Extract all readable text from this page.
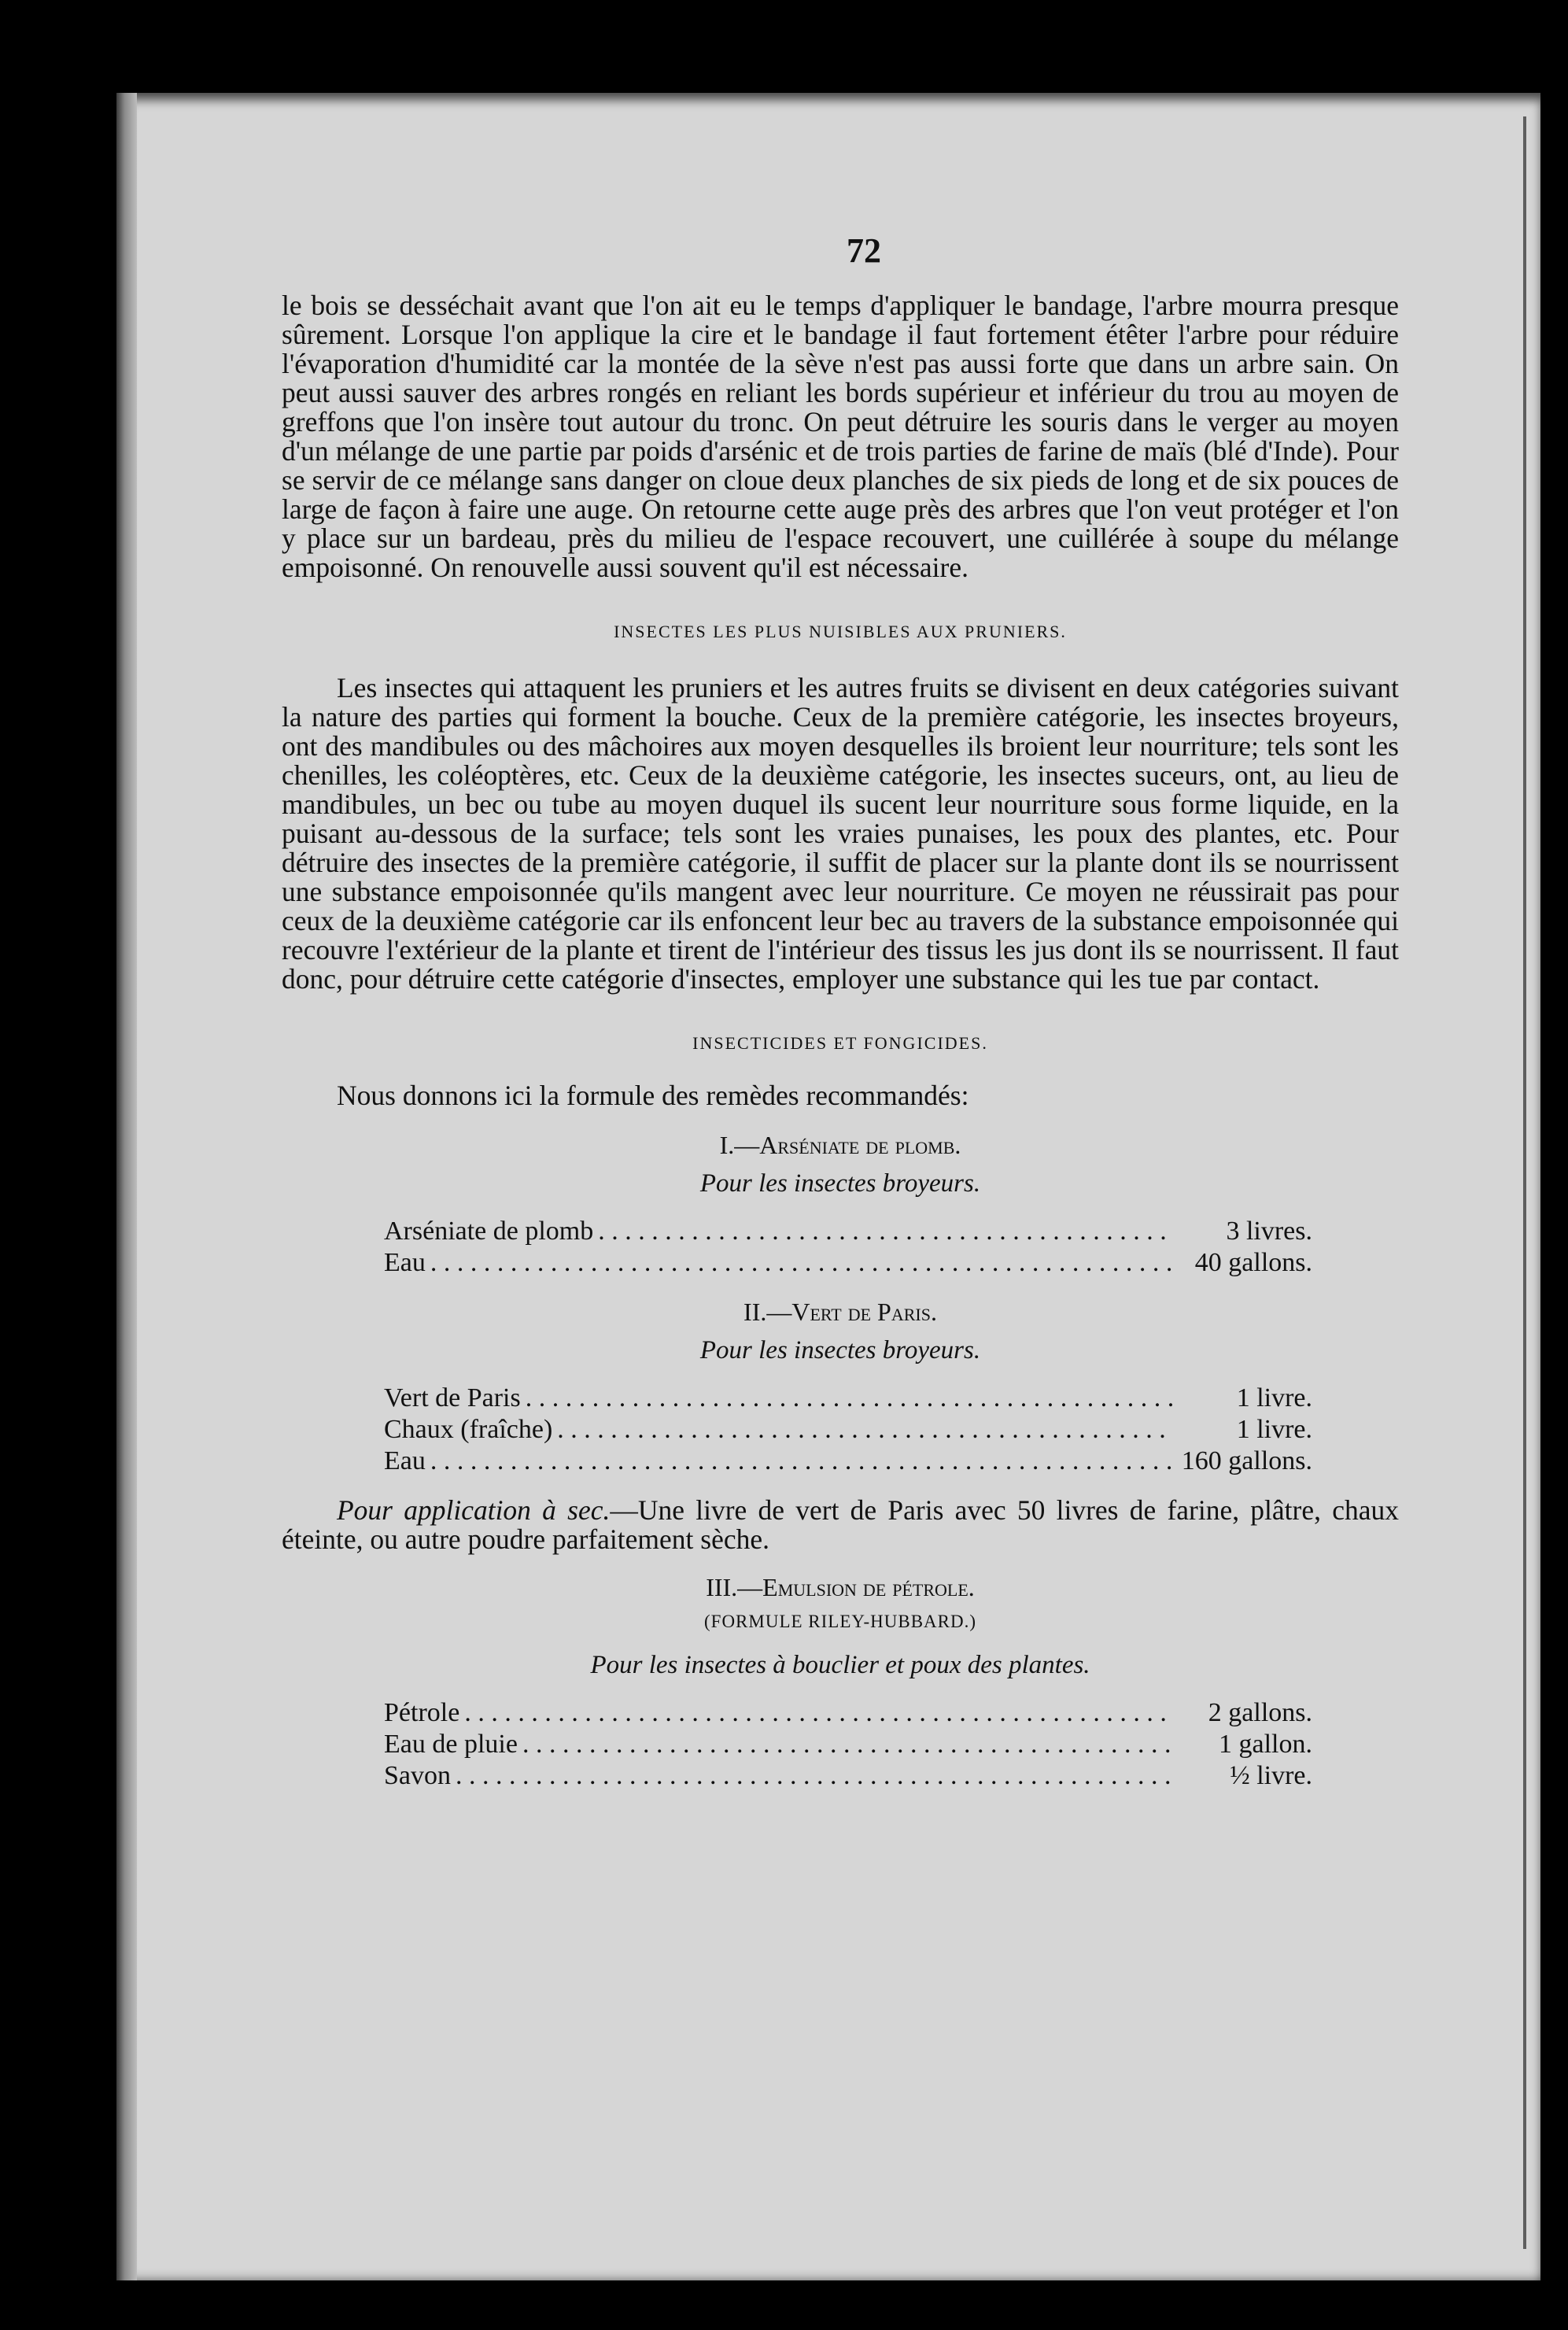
72

le bois se desséchait avant que l'on ait eu le temps d'appliquer le bandage, l'arbre mourra presque sûrement. Lorsque l'on applique la cire et le bandage il faut fortement étêter l'arbre pour réduire l'évaporation d'humidité car la montée de la sève n'est pas aussi forte que dans un arbre sain. On peut aussi sauver des arbres rongés en reliant les bords supérieur et inférieur du trou au moyen de greffons que l'on insère tout autour du tronc. On peut détruire les souris dans le verger au moyen d'un mélange de une partie par poids d'arsénic et de trois parties de farine de maïs (blé d'Inde). Pour se servir de ce mélange sans danger on cloue deux planches de six pieds de long et de six pouces de large de façon à faire une auge. On retourne cette auge près des arbres que l'on veut protéger et l'on y place sur un bardeau, près du milieu de l'espace recouvert, une cuillérée à soupe du mélange empoisonné. On renouvelle aussi souvent qu'il est nécessaire.

INSECTES LES PLUS NUISIBLES AUX PRUNIERS.

Les insectes qui attaquent les pruniers et les autres fruits se divisent en deux catégories suivant la nature des parties qui forment la bouche. Ceux de la première catégorie, les insectes broyeurs, ont des mandibules ou des mâchoires aux moyen desquelles ils broient leur nourriture; tels sont les chenilles, les coléoptères, etc. Ceux de la deuxième catégorie, les insectes suceurs, ont, au lieu de mandibules, un bec ou tube au moyen duquel ils sucent leur nourriture sous forme liquide, en la puisant au-dessous de la surface; tels sont les vraies punaises, les poux des plantes, etc. Pour détruire des insectes de la première catégorie, il suffit de placer sur la plante dont ils se nourrissent une substance empoisonnée qu'ils mangent avec leur nourriture. Ce moyen ne réussirait pas pour ceux de la deuxième catégorie car ils enfoncent leur bec au travers de la substance empoisonnée qui recouvre l'extérieur de la plante et tirent de l'intérieur des tissus les jus dont ils se nourrissent. Il faut donc, pour détruire cette catégorie d'insectes, employer une substance qui les tue par contact.

INSECTICIDES ET FONGICIDES.
Nous donnons ici la formule des remèdes recommandés:
I.—Arséniate de plomb.
Pour les insectes broyeurs.
Arséniate de plomb . . .	3 livres.
Eau . . .	40 gallons.
II.—Vert de Paris.
Pour les insectes broyeurs.
Vert de Paris . . .	1 livre.
Chaux (fraîche) . . .	1 livre.
Eau . . .	160 gallons.
Pour application à sec.—Une livre de vert de Paris avec 50 livres de farine, plâtre, chaux éteinte, ou autre poudre parfaitement sèche.
III.—Emulsion de pétrole.
(FORMULE RILEY-HUBBARD.)
Pour les insectes à bouclier et poux des plantes.
Pétrole . . .	2 gallons.
Eau de pluie . . .	1 gallon.
Savon . . .	½ livre.
